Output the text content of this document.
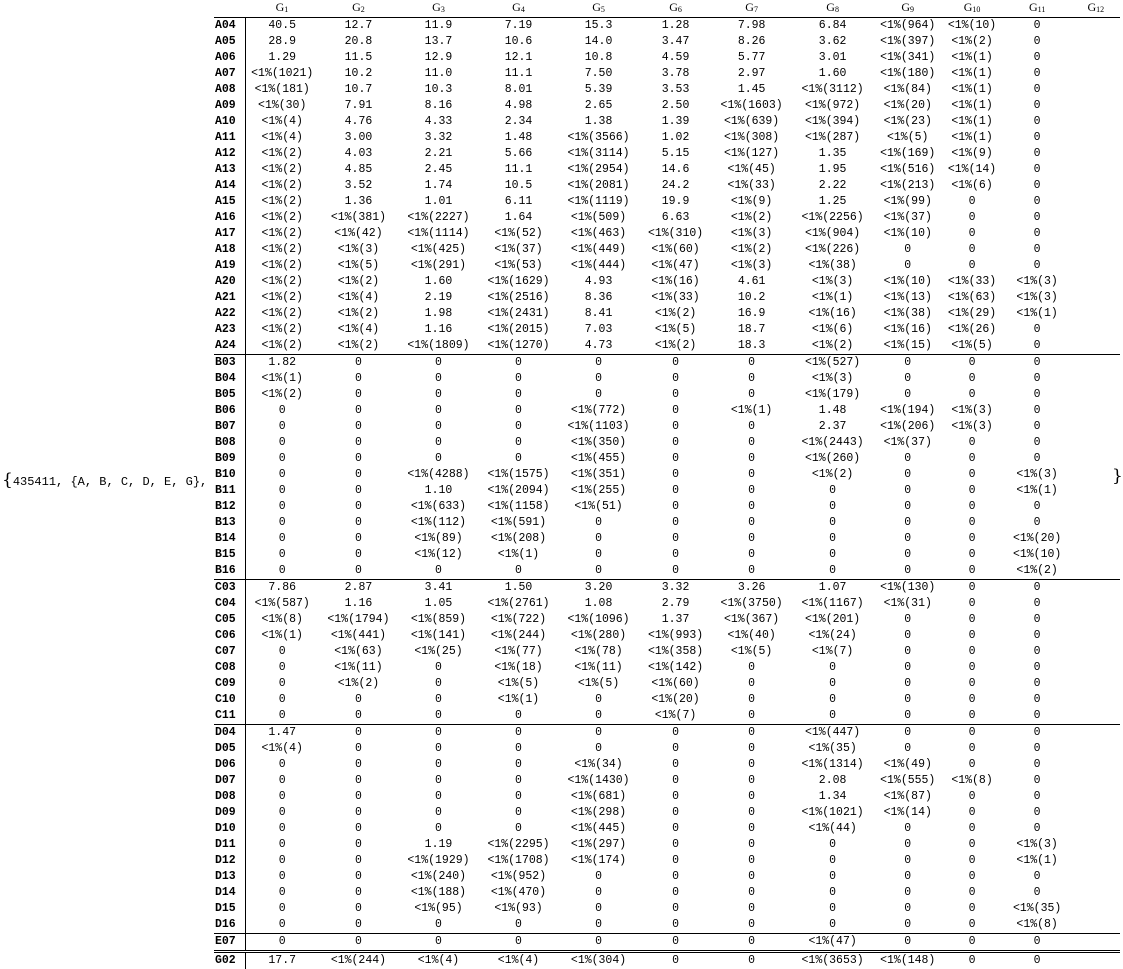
{435411, {A, B, C, D, E, G},
	$G_1$	$G_2$	$G_3$	$G_4$	$G_5$	$G_6$	$G_7$	$G_8$	$G_9$	$G_{10}$	$G_{11}$	$G_{12}$
A04	40.5	12.7	11.9	7.19	15.3	1.28	7.98	6.84	<1%(964)	<1%(10)	0	
A05	28.9	20.8	13.7	10.6	14.0	3.47	8.26	3.62	<1%(397)	<1%(2)	0	
A06	1.29	11.5	12.9	12.1	10.8	4.59	5.77	3.01	<1%(341)	<1%(1)	0	
A07	<1%(1021)	10.2	11.0	11.1	7.50	3.78	2.97	1.60	<1%(180)	<1%(1)	0	
A08	<1%(181)	10.7	10.3	8.01	5.39	3.53	1.45	<1%(3112)	<1%(84)	<1%(1)	0	
A09	<1%(30)	7.91	8.16	4.98	2.65	2.50	<1%(1603)	<1%(972)	<1%(20)	<1%(1)	0	
A10	<1%(4)	4.76	4.33	2.34	1.38	1.39	<1%(639)	<1%(394)	<1%(23)	<1%(1)	0	
A11	<1%(4)	3.00	3.32	1.48	<1%(3566)	1.02	<1%(308)	<1%(287)	<1%(5)	<1%(1)	0	
A12	<1%(2)	4.03	2.21	5.66	<1%(3114)	5.15	<1%(127)	1.35	<1%(169)	<1%(9)	0	
A13	<1%(2)	4.85	2.45	11.1	<1%(2954)	14.6	<1%(45)	1.95	<1%(516)	<1%(14)	0	
A14	<1%(2)	3.52	1.74	10.5	<1%(2081)	24.2	<1%(33)	2.22	<1%(213)	<1%(6)	0	
A15	<1%(2)	1.36	1.01	6.11	<1%(1119)	19.9	<1%(9)	1.25	<1%(99)	0	0	
A16	<1%(2)	<1%(381)	<1%(2227)	1.64	<1%(509)	6.63	<1%(2)	<1%(2256)	<1%(37)	0	0	
A17	<1%(2)	<1%(42)	<1%(1114)	<1%(52)	<1%(463)	<1%(310)	<1%(3)	<1%(904)	<1%(10)	0	0	
A18	<1%(2)	<1%(3)	<1%(425)	<1%(37)	<1%(449)	<1%(60)	<1%(2)	<1%(226)	0	0	0	
A19	<1%(2)	<1%(5)	<1%(291)	<1%(53)	<1%(444)	<1%(47)	<1%(3)	<1%(38)	0	0	0	
A20	<1%(2)	<1%(2)	1.60	<1%(1629)	4.93	<1%(16)	4.61	<1%(3)	<1%(10)	<1%(33)	<1%(3)	
A21	<1%(2)	<1%(4)	2.19	<1%(2516)	8.36	<1%(33)	10.2	<1%(1)	<1%(13)	<1%(63)	<1%(3)	
A22	<1%(2)	<1%(2)	1.98	<1%(2431)	8.41	<1%(2)	16.9	<1%(16)	<1%(38)	<1%(29)	<1%(1)	
A23	<1%(2)	<1%(4)	1.16	<1%(2015)	7.03	<1%(5)	18.7	<1%(6)	<1%(16)	<1%(26)	0	
A24	<1%(2)	<1%(2)	<1%(1809)	<1%(1270)	4.73	<1%(2)	18.3	<1%(2)	<1%(15)	<1%(5)	0	
B03	1.82	0	0	0	0	0	0	<1%(527)	0	0	0	
B04	<1%(1)	0	0	0	0	0	0	<1%(3)	0	0	0	
B05	<1%(2)	0	0	0	0	0	0	<1%(179)	0	0	0	
B06	0	0	0	0	<1%(772)	0	<1%(1)	1.48	<1%(194)	<1%(3)	0	
B07	0	0	0	0	<1%(1103)	0	0	2.37	<1%(206)	<1%(3)	0	
B08	0	0	0	0	<1%(350)	0	0	<1%(2443)	<1%(37)	0	0	
B09	0	0	0	0	<1%(455)	0	0	<1%(260)	0	0	0	
B10	0	0	<1%(4288)	<1%(1575)	<1%(351)	0	0	<1%(2)	0	0	<1%(3)	
B11	0	0	1.10	<1%(2094)	<1%(255)	0	0	0	0	0	<1%(1)	
B12	0	0	<1%(633)	<1%(1158)	<1%(51)	0	0	0	0	0	0	
B13	0	0	<1%(112)	<1%(591)	0	0	0	0	0	0	0	
B14	0	0	<1%(89)	<1%(208)	0	0	0	0	0	0	<1%(20)	
B15	0	0	<1%(12)	<1%(1)	0	0	0	0	0	0	<1%(10)	
B16	0	0	0	0	0	0	0	0	0	0	<1%(2)	
C03	7.86	2.87	3.41	1.50	3.20	3.32	3.26	1.07	<1%(130)	0	0	
C04	<1%(587)	1.16	1.05	<1%(2761)	1.08	2.79	<1%(3750)	<1%(1167)	<1%(31)	0	0	
C05	<1%(8)	<1%(1794)	<1%(859)	<1%(722)	<1%(1096)	1.37	<1%(367)	<1%(201)	0	0	0	
C06	<1%(1)	<1%(441)	<1%(141)	<1%(244)	<1%(280)	<1%(993)	<1%(40)	<1%(24)	0	0	0	
C07	0	<1%(63)	<1%(25)	<1%(77)	<1%(78)	<1%(358)	<1%(5)	<1%(7)	0	0	0	
C08	0	<1%(11)	0	<1%(18)	<1%(11)	<1%(142)	0	0	0	0	0	
C09	0	<1%(2)	0	<1%(5)	<1%(5)	<1%(60)	0	0	0	0	0	
C10	0	0	0	<1%(1)	0	<1%(20)	0	0	0	0	0	
C11	0	0	0	0	0	<1%(7)	0	0	0	0	0	
D04	1.47	0	0	0	0	0	0	<1%(447)	0	0	0	
D05	<1%(4)	0	0	0	0	0	0	<1%(35)	0	0	0	
D06	0	0	0	0	<1%(34)	0	0	<1%(1314)	<1%(49)	0	0	
D07	0	0	0	0	<1%(1430)	0	0	2.08	<1%(555)	<1%(8)	0	
D08	0	0	0	0	<1%(681)	0	0	1.34	<1%(87)	0	0	
D09	0	0	0	0	<1%(298)	0	0	<1%(1021)	<1%(14)	0	0	
D10	0	0	0	0	<1%(445)	0	0	<1%(44)	0	0	0	
D11	0	0	1.19	<1%(2295)	<1%(297)	0	0	0	0	0	<1%(3)	
D12	0	0	<1%(1929)	<1%(1708)	<1%(174)	0	0	0	0	0	<1%(1)	
D13	0	0	<1%(240)	<1%(952)	0	0	0	0	0	0	0	
D14	0	0	<1%(188)	<1%(470)	0	0	0	0	0	0	0	
D15	0	0	<1%(95)	<1%(93)	0	0	0	0	0	0	<1%(35)	
D16	0	0	0	0	0	0	0	0	0	0	<1%(8)	
E07	0	0	0	0	0	0	0	<1%(47)	0	0	0	
G02	17.7	<1%(244)	<1%(4)	<1%(4)	<1%(304)	0	0	<1%(3653)	<1%(148)	0	0	
}
